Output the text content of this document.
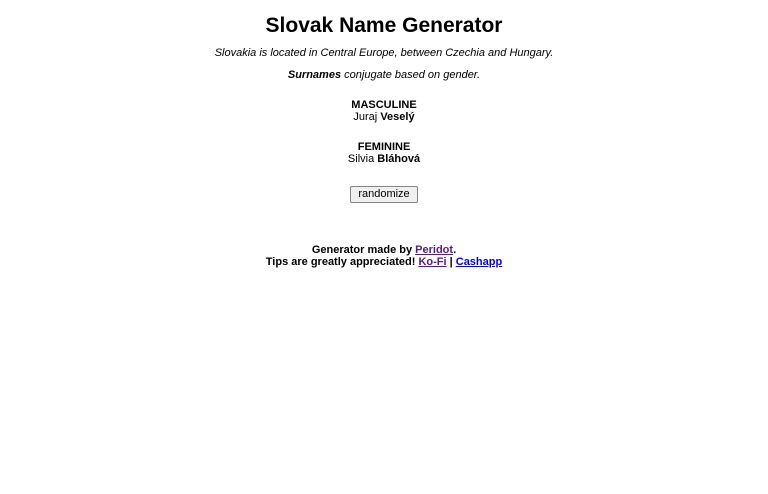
Slovak Name Generator

Slovakia is located in Central Europe, between Czechia and Hungary.

Surnames conjugate based on gender.

MASCULINE
Juraj Veselý
FEMININE
Silvia Bláhová
randomize

Generator made by Peridot.

Tips are greatly appreciated! Ko-Fi | Cashapp
